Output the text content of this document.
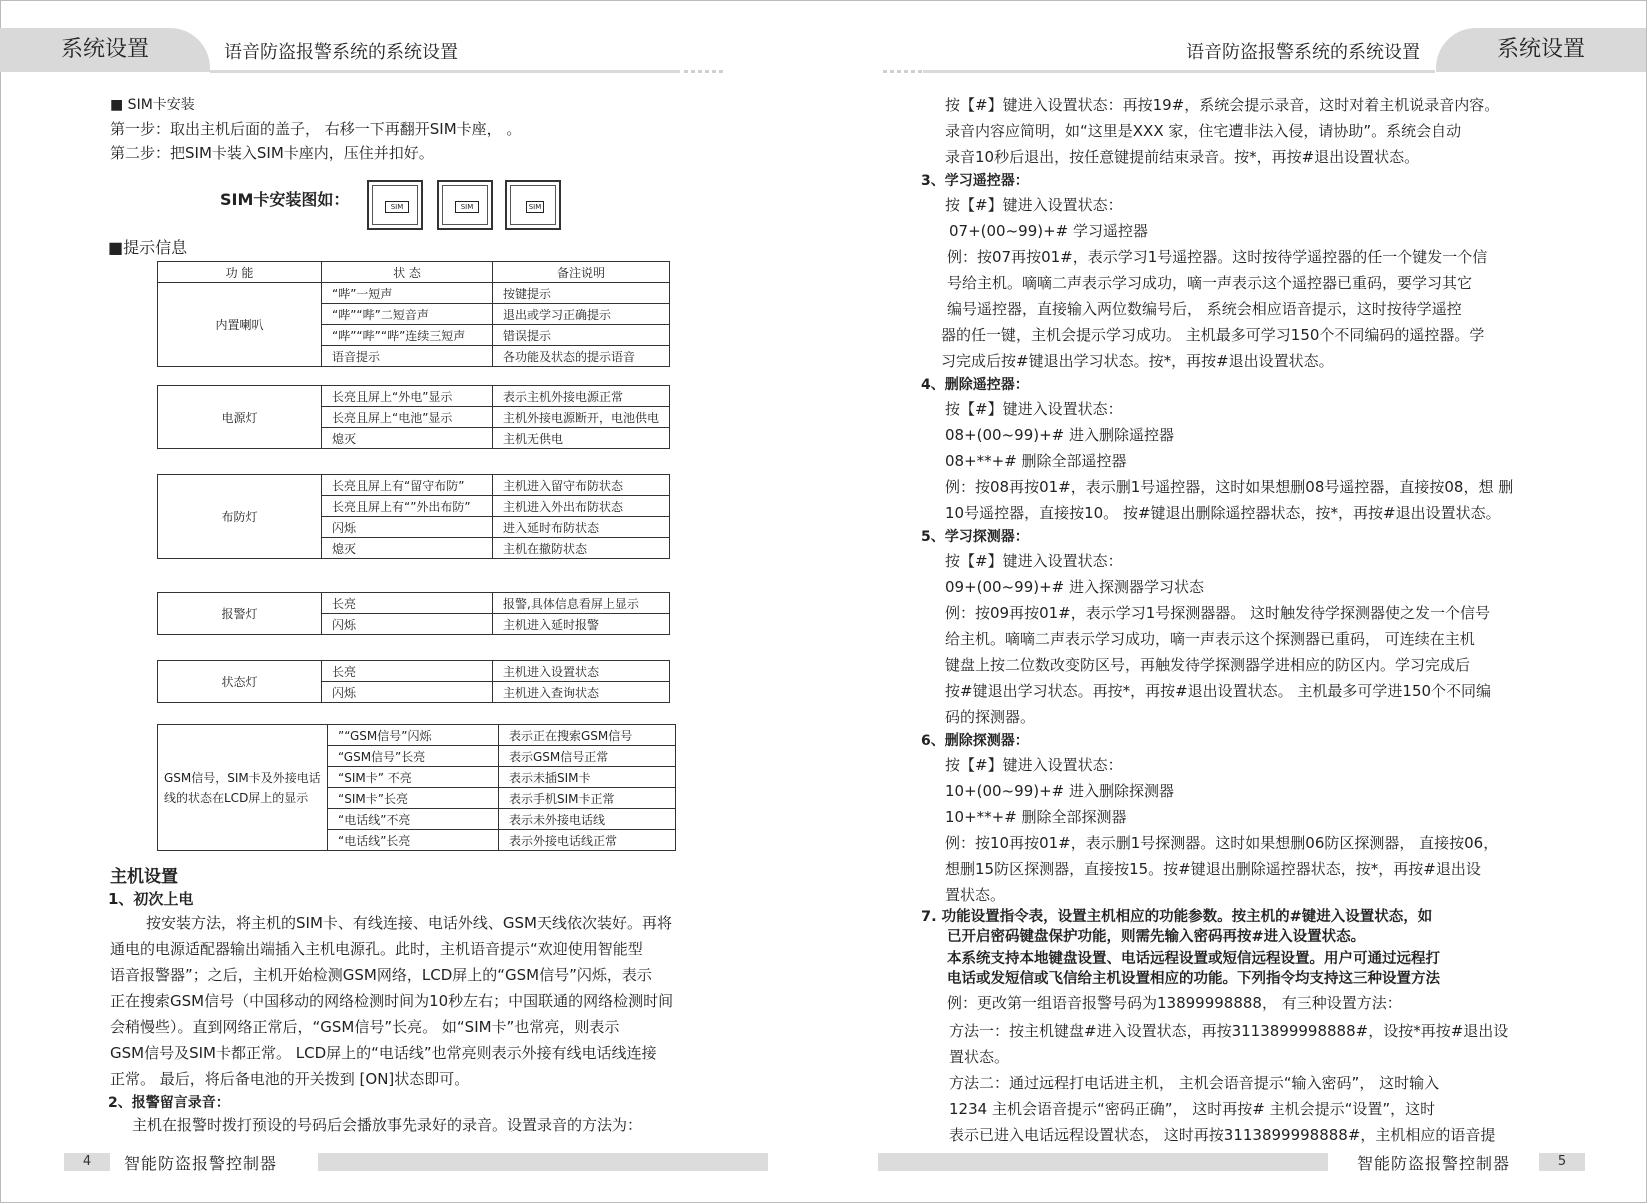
系统设置	语音防盗报警系统的系统设置
■ SIM卡安装
第一步：取出主机后面的盖子， 右移一下再翻开SIM卡座， 。
第二步：把SIM卡装入SIM卡座内，压住并扣好。
SIM卡安装图如：	SIM	SIM	SIM
■提示信息
功 能	状 态	备注说明
内置喇叭	“哔”一短声	按键提示
	“哔”“哔”二短音声	退出或学习正确提示
	“哔”“哔”“哔”连续三短声	错误提示
	语音提示	各功能及状态的提示语音
电源灯	长亮且屏上“外电”显示	表示主机外接电源正常
	长亮且屏上“电池”显示	主机外接电源断开，电池供电
	熄灭	主机无供电
布防灯	长亮且屏上有“留守布防”	主机进入留守布防状态
	长亮且屏上有“”外出布防”	主机进入外出布防状态
	闪烁	进入延时布防状态
	熄灭	主机在撤防状态
报警灯	长亮	报警,具体信息看屏上显示
	闪烁	主机进入延时报警
状态灯	长亮	主机进入设置状态
	闪烁	主机进入查询状态
GSM信号，SIM卡及外接电话
线的状态在LCD屏上的显示	”“GSM信号”闪烁	表示正在搜索GSM信号
	“GSM信号”长亮	表示GSM信号正常
	“SIM卡” 不亮	表示未插SIM卡
	“SIM卡”长亮	表示手机SIM卡正常
	“电话线”不亮	表示未外接电话线
	“电话线”长亮	表示外接电话线正常
主机设置
1、初次上电
按安装方法，将主机的SIM卡、有线连接、电话外线、GSM天线依次装好。再将
通电的电源适配器输出端插入主机电源孔。此时，主机语音提示“欢迎使用智能型
语音报警器”；之后，主机开始检测GSM网络，LCD屏上的“GSM信号”闪烁，表示
正在搜索GSM信号（中国移动的网络检测时间为10秒左右；中国联通的网络检测时间
会稍慢些）。直到网络正常后，“GSM信号”长亮。 如“SIM卡”也常亮，则表示
GSM信号及SIM卡都正常。 LCD屏上的“电话线”也常亮则表示外接有线电话线连接
正常。 最后，将后备电池的开关拨到 [ON]状态即可。
2、报警留言录音：
主机在报警时拨打预设的号码后会播放事先录好的录音。设置录音的方法为：
4	智能防盗报警控制器
语音防盗报警系统的系统设置	系统设置
按【#】键进入设置状态：再按19#，系统会提示录音，这时对着主机说录音内容。
录音内容应简明，如“这里是XXX 家，住宅遭非法入侵，请协助”。系统会自动
录音10秒后退出，按任意键提前结束录音。按*，再按#退出设置状态。
3、学习遥控器：
按【#】键进入设置状态：
07+(00~99)+# 学习遥控器
例：按07再按01#，表示学习1号遥控器。这时按待学遥控器的任一个键发一个信
号给主机。嘀嘀二声表示学习成功，嘀一声表示这个遥控器已重码，要学习其它
编号遥控器，直接输入两位数编号后， 系统会相应语音提示，这时按待学遥控
器的任一键，主机会提示学习成功。 主机最多可学习150个不同编码的遥控器。学
习完成后按#键退出学习状态。按*，再按#退出设置状态。
4、删除遥控器：
按【#】键进入设置状态：
08+(00~99)+# 进入删除遥控器
08+**+# 删除全部遥控器
例：按08再按01#，表示删1号遥控器，这时如果想删08号遥控器，直接按08，想 删
10号遥控器，直接按10。 按#键退出删除遥控器状态，按*，再按#退出设置状态。
5、学习探测器：
按【#】键进入设置状态：
09+(00~99)+# 进入探测器学习状态
例：按09再按01#，表示学习1号探测器器。 这时触发待学探测器使之发一个信号
给主机。嘀嘀二声表示学习成功，嘀一声表示这个探测器已重码， 可连续在主机
键盘上按二位数改变防区号，再触发待学探测器学进相应的防区内。学习完成后
按#键退出学习状态。再按*，再按#退出设置状态。 主机最多可学进150个不同编
码的探测器。
6、删除探测器：
按【#】键进入设置状态：
10+(00~99)+# 进入删除探测器
10+**+# 删除全部探测器
例：按10再按01#，表示删1号探测器。这时如果想删06防区探测器， 直接按06，
想删15防区探测器，直接按15。按#键退出删除遥控器状态，按*，再按#退出设
置状态。
7. 功能设置指令表，设置主机相应的功能参数。按主机的#键进入设置状态，如
已开启密码键盘保护功能，则需先输入密码再按#进入设置状态。
本系统支持本地键盘设置、电话远程设置或短信远程设置。用户可通过远程打
电话或发短信或飞信给主机设置相应的功能。下列指令均支持这三种设置方法
例：更改第一组语音报警号码为13899998888， 有三种设置方法：
方法一：按主机键盘#进入设置状态，再按3113899998888#，设按*再按#退出设
置状态。
方法二：通过远程打电话进主机， 主机会语音提示“输入密码”， 这时输入
1234 主机会语音提示“密码正确”， 这时再按# 主机会提示“设置”，这时
表示已进入电话远程设置状态， 这时再按3113899998888#，主机相应的语音提
智能防盗报警控制器	5
